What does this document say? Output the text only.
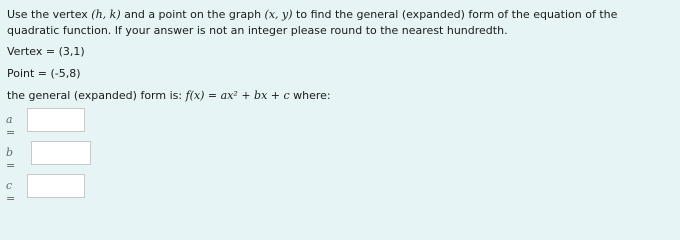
Use the vertex (h, k) and a point on the graph (x, y) to find the general (expanded) form of the equation of the quadratic function. If your answer is not an integer please round to the nearest hundredth.
Vertex = (3,1)
Point = (-5,8)
the general (expanded) form is: f(x) = ax² + bx + c where:
a =
b =
c =
